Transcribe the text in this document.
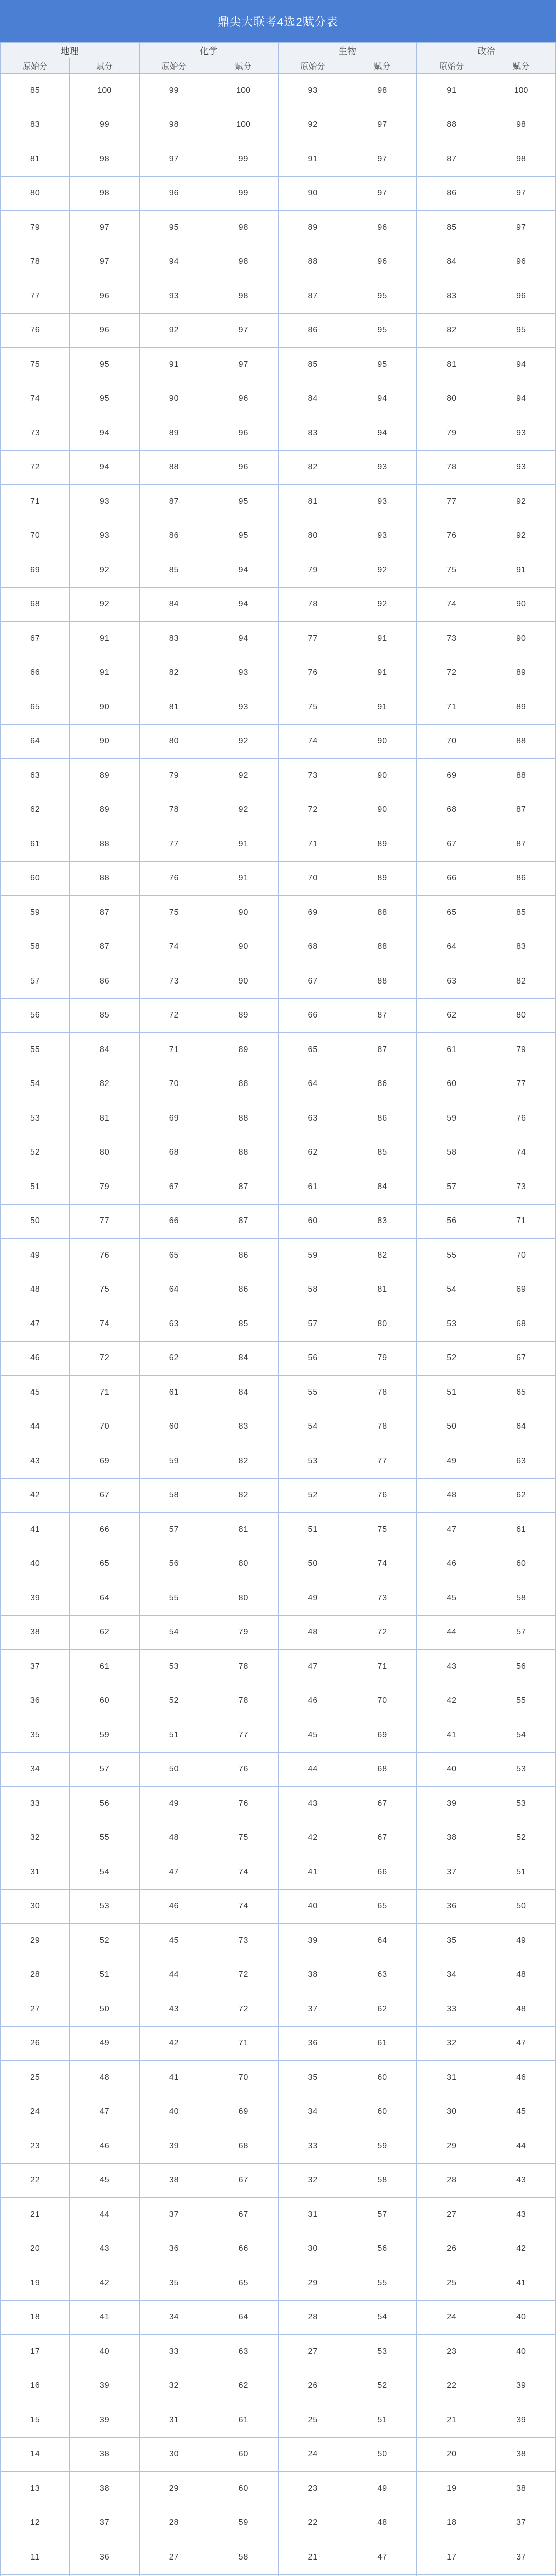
鼎尖大联考4选2赋分表
地理		化学		生物		政治	
原始分	赋分	原始分	赋分	原始分	赋分	原始分	赋分
85	100	99	100	93	98	91	100
83	99	98	100	92	97	88	98
81	98	97	99	91	97	87	98
80	98	96	99	90	97	86	97
79	97	95	98	89	96	85	97
78	97	94	98	88	96	84	96
77	96	93	98	87	95	83	96
76	96	92	97	86	95	82	95
75	95	91	97	85	95	81	94
74	95	90	96	84	94	80	94
73	94	89	96	83	94	79	93
72	94	88	96	82	93	78	93
71	93	87	95	81	93	77	92
70	93	86	95	80	93	76	92
69	92	85	94	79	92	75	91
68	92	84	94	78	92	74	90
67	91	83	94	77	91	73	90
66	91	82	93	76	91	72	89
65	90	81	93	75	91	71	89
64	90	80	92	74	90	70	88
63	89	79	92	73	90	69	88
62	89	78	92	72	90	68	87
61	88	77	91	71	89	67	87
60	88	76	91	70	89	66	86
59	87	75	90	69	88	65	85
58	87	74	90	68	88	64	83
57	86	73	90	67	88	63	82
56	85	72	89	66	87	62	80
55	84	71	89	65	87	61	79
54	82	70	88	64	86	60	77
53	81	69	88	63	86	59	76
52	80	68	88	62	85	58	74
51	79	67	87	61	84	57	73
50	77	66	87	60	83	56	71
49	76	65	86	59	82	55	70
48	75	64	86	58	81	54	69
47	74	63	85	57	80	53	68
46	72	62	84	56	79	52	67
45	71	61	84	55	78	51	65
44	70	60	83	54	78	50	64
43	69	59	82	53	77	49	63
42	67	58	82	52	76	48	62
41	66	57	81	51	75	47	61
40	65	56	80	50	74	46	60
39	64	55	80	49	73	45	58
38	62	54	79	48	72	44	57
37	61	53	78	47	71	43	56
36	60	52	78	46	70	42	55
35	59	51	77	45	69	41	54
34	57	50	76	44	68	40	53
33	56	49	76	43	67	39	53
32	55	48	75	42	67	38	52
31	54	47	74	41	66	37	51
30	53	46	74	40	65	36	50
29	52	45	73	39	64	35	49
28	51	44	72	38	63	34	48
27	50	43	72	37	62	33	48
26	49	42	71	36	61	32	47
25	48	41	70	35	60	31	46
24	47	40	69	34	60	30	45
23	46	39	68	33	59	29	44
22	45	38	67	32	58	28	43
21	44	37	67	31	57	27	43
20	43	36	66	30	56	26	42
19	42	35	65	29	55	25	41
18	41	34	64	28	54	24	40
17	40	33	63	27	53	23	40
16	39	32	62	26	52	22	39
15	39	31	61	25	51	21	39
14	38	30	60	24	50	20	38
13	38	29	60	23	49	19	38
12	37	28	59	22	48	18	37
11	36	27	58	21	47	17	37
